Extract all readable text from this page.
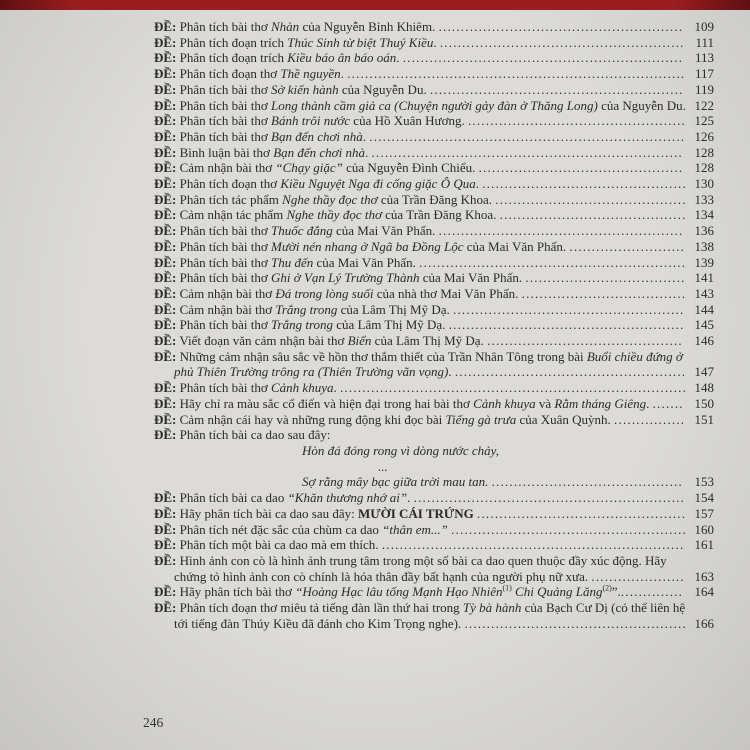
ĐỀ: Phân tích bài thơ Nhàn của Nguyễn Bỉnh Khiêm. ....................................................... 109
ĐỀ: Phân tích đoạn trích Thúc Sinh từ biệt Thuý Kiều. ....................................................... 111
ĐỀ: Phân tích đoạn trích Kiều báo ân báo oán. ............................................................... 113
ĐỀ: Phân tích đoạn thơ Thề nguyền. ............................................................................ 117
ĐỀ: Phân tích bài thơ Sở kiến hành của Nguyễn Du. ......................................................... 119
ĐỀ: Phân tích bài thơ Long thành cầm giả ca (Chuyện người gảy đàn ở Thăng Long) của Nguyễn Du. 122
ĐỀ: Phân tích bài thơ Bánh trôi nước của Hồ Xuân Hương. ................................................. 125
ĐỀ: Phân tích bài thơ Bạn đến chơi nhà. ....................................................................... 126
ĐỀ: Bình luận bài thơ Bạn đến chơi nhà. ...................................................................... 128
ĐỀ: Cảm nhận bài thơ “Chạy giặc” của Nguyễn Đình Chiểu. .............................................. 128
ĐỀ: Phân tích đoạn thơ Kiều Nguyệt Nga đi cống giặc Ô Qua. .............................................. 130
ĐỀ: Phân tích tác phẩm Nghe thầy đọc thơ của Trần Đăng Khoa. ........................................... 133
ĐỀ: Cảm nhận tác phẩm Nghe thầy đọc thơ của Trần Đăng Khoa. .......................................... 134
ĐỀ: Phân tích bài thơ Thuốc đắng của Mai Văn Phấn. ....................................................... 136
ĐỀ: Phân tích bài thơ Mười nén nhang ở Ngã ba Đồng Lộc của Mai Văn Phấn. .......................... 138
ĐỀ: Phân tích bài thơ Thu đến của Mai Văn Phấn. ............................................................ 139
ĐỀ: Phân tích bài thơ Ghi ở Vạn Lý Trường Thành của Mai Văn Phấn. .................................... 141
ĐỀ: Cảm nhận bài thơ Đá trong lòng suối của nhà thơ Mai Văn Phấn. ..................................... 143
ĐỀ: Cảm nhận bài thơ Trắng trong của Lâm Thị Mỹ Dạ. .................................................... 144
ĐỀ: Phân tích bài thơ Trắng trong của Lâm Thị Mỹ Dạ. ..................................................... 145
ĐỀ: Viết đoạn văn cảm nhận bài thơ Biển của Lâm Thị Mỹ Dạ. ............................................ 146
ĐỀ: Những cảm nhận sâu sắc về hồn thơ thắm thiết của Trần Nhân Tông trong bài Buổi chiều đứng ở phủ Thiên Trường trông ra (Thiên Trường vãn vọng). .................................................... 147
ĐỀ: Phân tích bài thơ Cảnh khuya. .............................................................................. 148
ĐỀ: Hãy chỉ ra màu sắc cổ điển và hiện đại trong hai bài thơ Cảnh khuya và Rằm tháng Giêng. ....... 150
ĐỀ: Cảm nhận cái hay và những rung động khi đọc bài Tiếng gà trưa của Xuân Quỳnh. ................ 151
ĐỀ: Phân tích bài ca dao sau đây:
Hòn đá đóng rong vì dòng nước chảy,
...
Sợ rằng mây bạc giữa trời mau tan. ........................................... 153
ĐỀ: Phân tích bài ca dao “Khăn thương nhớ ai”. ............................................................. 154
ĐỀ: Hãy phân tích bài ca dao sau đây: MƯỜI CÁI TRỨNG ............................................... 157
ĐỀ: Phân tích nét đặc sắc của chùm ca dao “thân em...” ..................................................... 160
ĐỀ: Phân tích một bài ca dao mà em thích. .................................................................... 161
ĐỀ: Hình ảnh con cò là hình ảnh trung tâm trong một số bài ca dao quen thuộc đầy xúc động. Hãy chứng tỏ hình ảnh con cò chính là hóa thân đầy bất hạnh của người phụ nữ xưa. ..................... 163
ĐỀ: Hãy phân tích bài thơ “Hoàng Hạc lâu tống Mạnh Hạo Nhiên$^{(1)}$ Chi Quảng Lăng$^{(2)}$”............... 164
ĐỀ: Phân tích đoạn thơ miêu tả tiếng đàn lần thứ hai trong Tỳ bà hành của Bạch Cư Dị (có thể liên hệ tới tiếng đàn Thúy Kiều đã đánh cho Kim Trọng nghe). .................................................. 166
246
